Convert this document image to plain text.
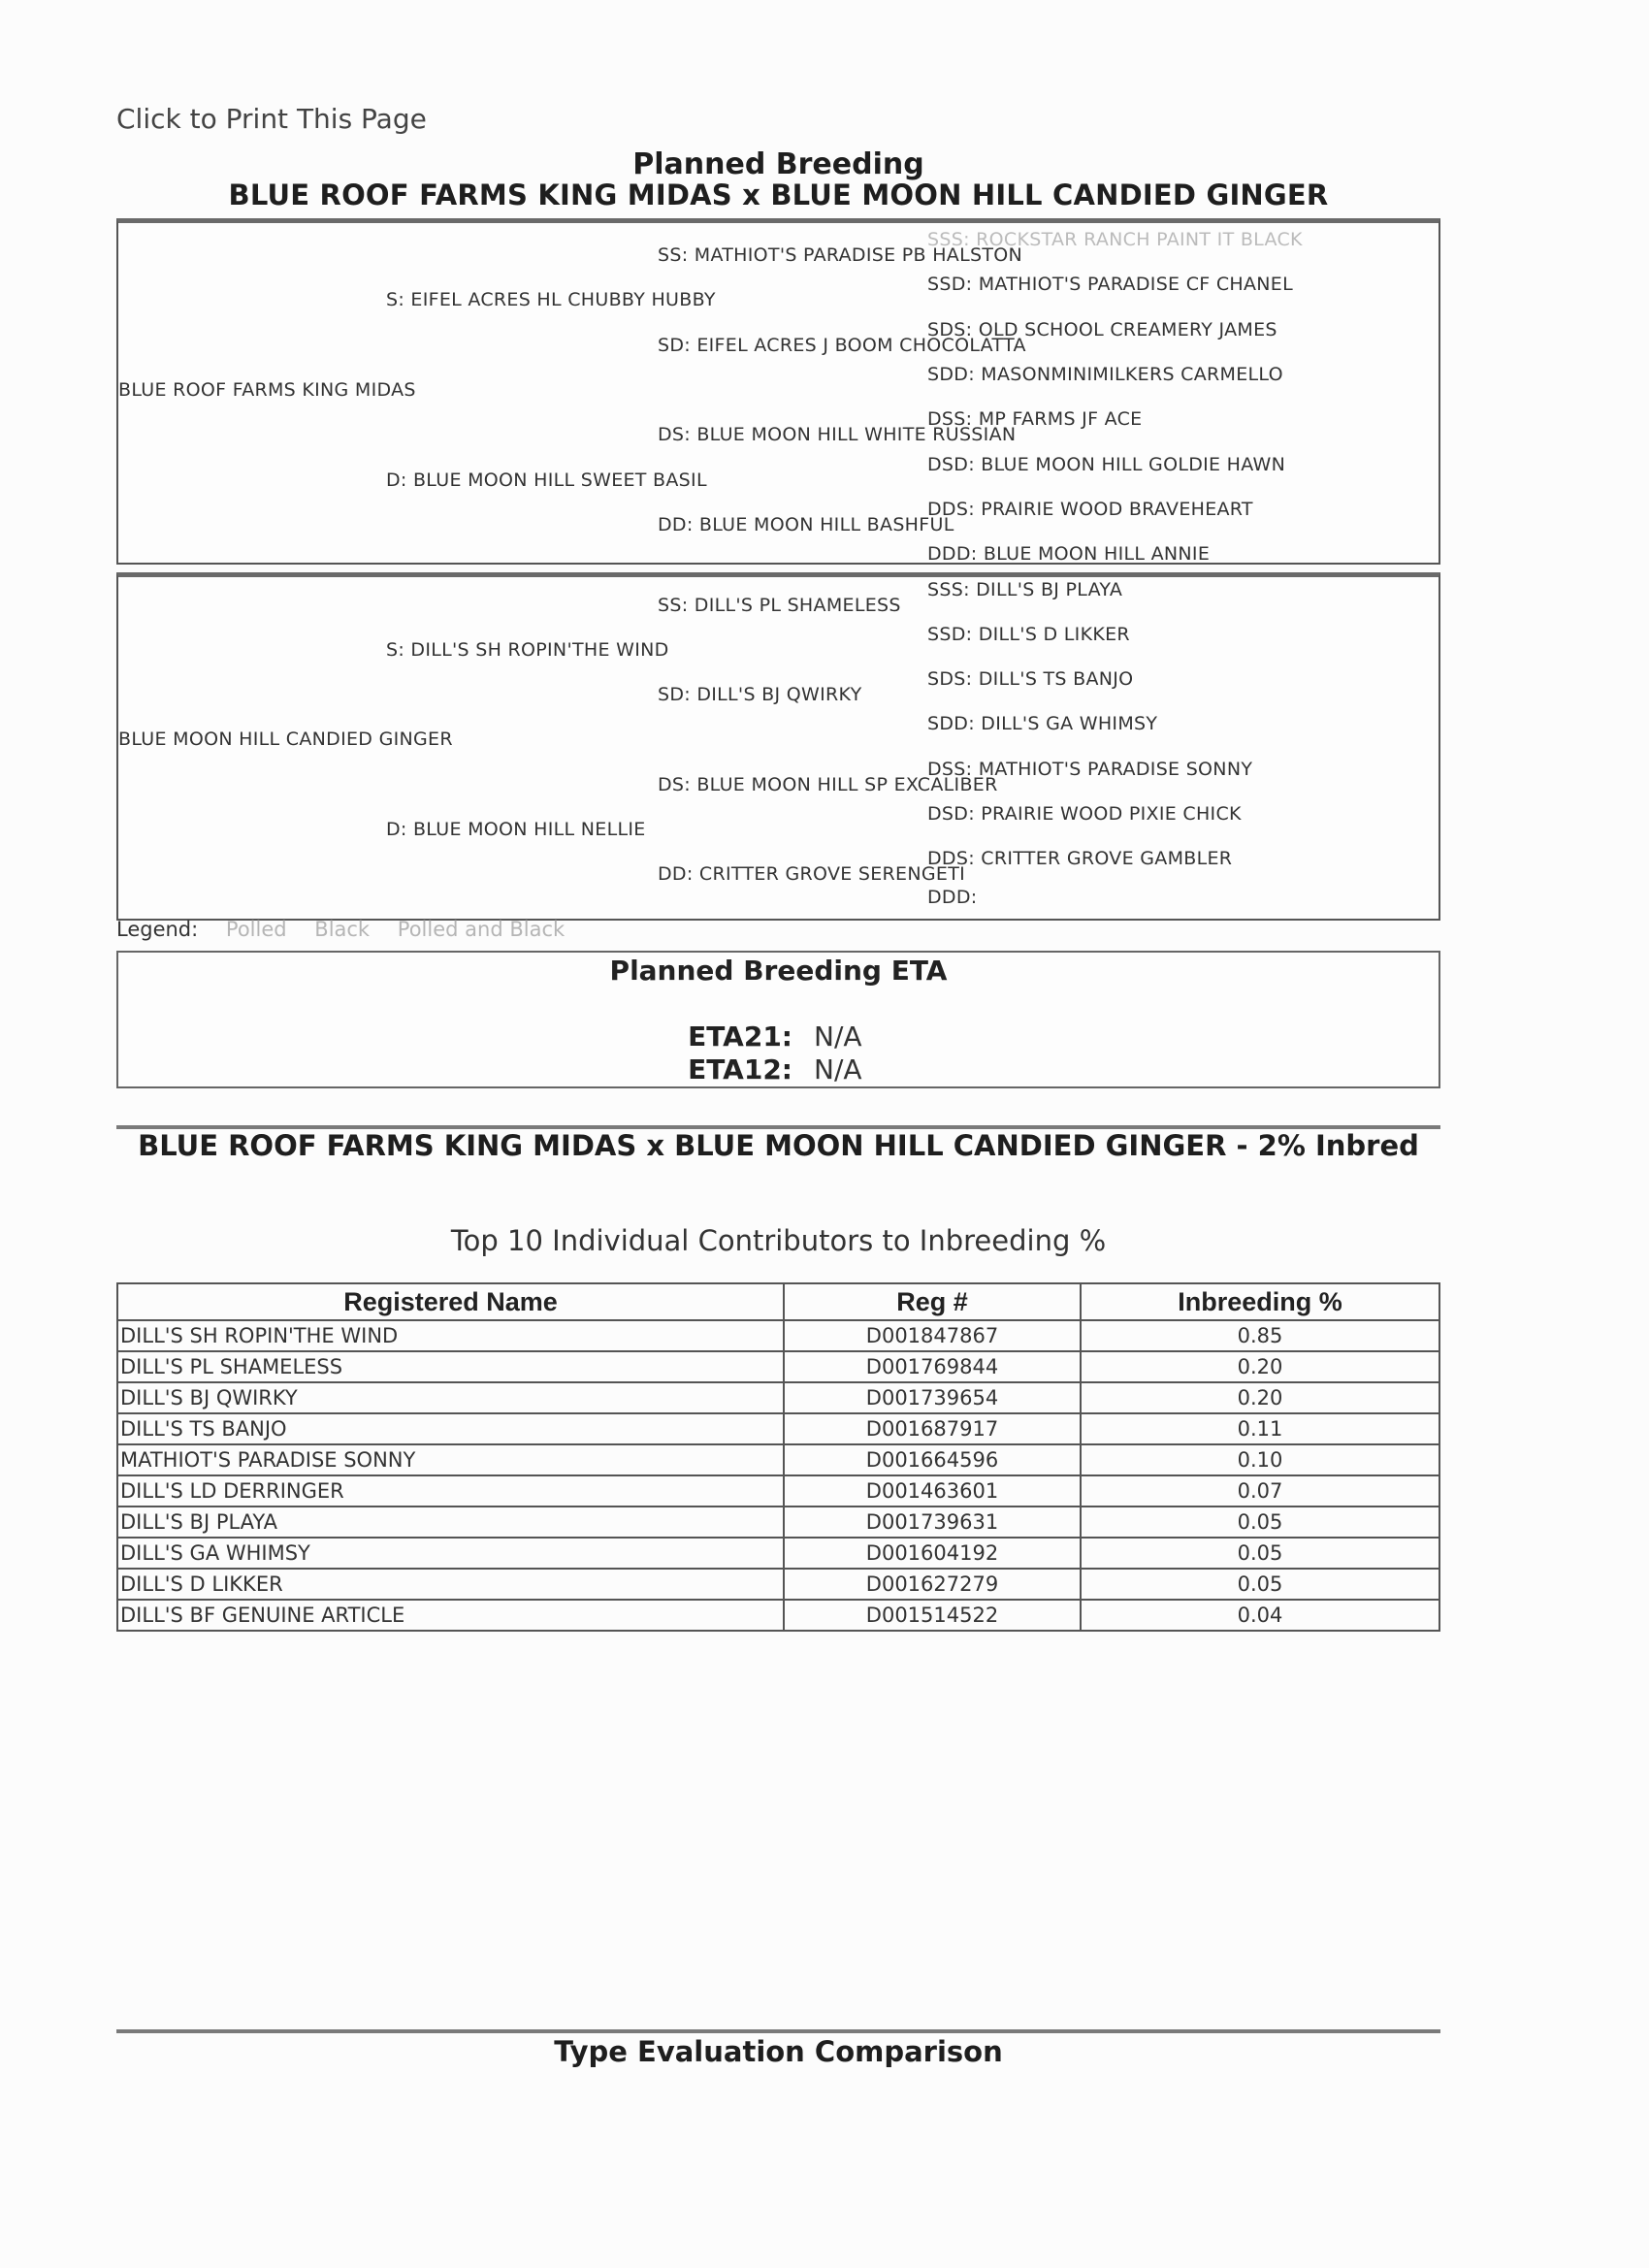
Click to Print This Page
Planned Breeding
BLUE ROOF FARMS KING MIDAS x BLUE MOON HILL CANDIED GINGER
SSS: ROCKSTAR RANCH PAINT IT BLACK
SS: MATHIOT'S PARADISE PB HALSTON
SSD: MATHIOT'S PARADISE CF CHANEL
S: EIFEL ACRES HL CHUBBY HUBBY
SDS: OLD SCHOOL CREAMERY JAMES
SD: EIFEL ACRES J BOOM CHOCOLATTA
SDD: MASONMINIMILKERS CARMELLO
BLUE ROOF FARMS KING MIDAS
DSS: MP FARMS JF ACE
DS: BLUE MOON HILL WHITE RUSSIAN
DSD: BLUE MOON HILL GOLDIE HAWN
D: BLUE MOON HILL SWEET BASIL
DDS: PRAIRIE WOOD BRAVEHEART
DD: BLUE MOON HILL BASHFUL
DDD: BLUE MOON HILL ANNIE
SSS: DILL'S BJ PLAYA
SS: DILL'S PL SHAMELESS
SSD: DILL'S D LIKKER
S: DILL'S SH ROPIN'THE WIND
SDS: DILL'S TS BANJO
SD: DILL'S BJ QWIRKY
SDD: DILL'S GA WHIMSY
BLUE MOON HILL CANDIED GINGER
DSS: MATHIOT'S PARADISE SONNY
DS: BLUE MOON HILL SP EXCALIBER
DSD: PRAIRIE WOOD PIXIE CHICK
D: BLUE MOON HILL NELLIE
DDS: CRITTER GROVE GAMBLER
DD: CRITTER GROVE SERENGETI
DDD:
Legend: Polled Black Polled and Black
Planned Breeding ETA
ETA21: N/A
ETA12: N/A
BLUE ROOF FARMS KING MIDAS x BLUE MOON HILL CANDIED GINGER - 2% Inbred
Top 10 Individual Contributors to Inbreeding %
Registered Name	Reg #	Inbreeding %
DILL'S SH ROPIN'THE WIND	D001847867	0.85
DILL'S PL SHAMELESS	D001769844	0.20
DILL'S BJ QWIRKY	D001739654	0.20
DILL'S TS BANJO	D001687917	0.11
MATHIOT'S PARADISE SONNY	D001664596	0.10
DILL'S LD DERRINGER	D001463601	0.07
DILL'S BJ PLAYA	D001739631	0.05
DILL'S GA WHIMSY	D001604192	0.05
DILL'S D LIKKER	D001627279	0.05
DILL'S BF GENUINE ARTICLE	D001514522	0.04
Type Evaluation Comparison
